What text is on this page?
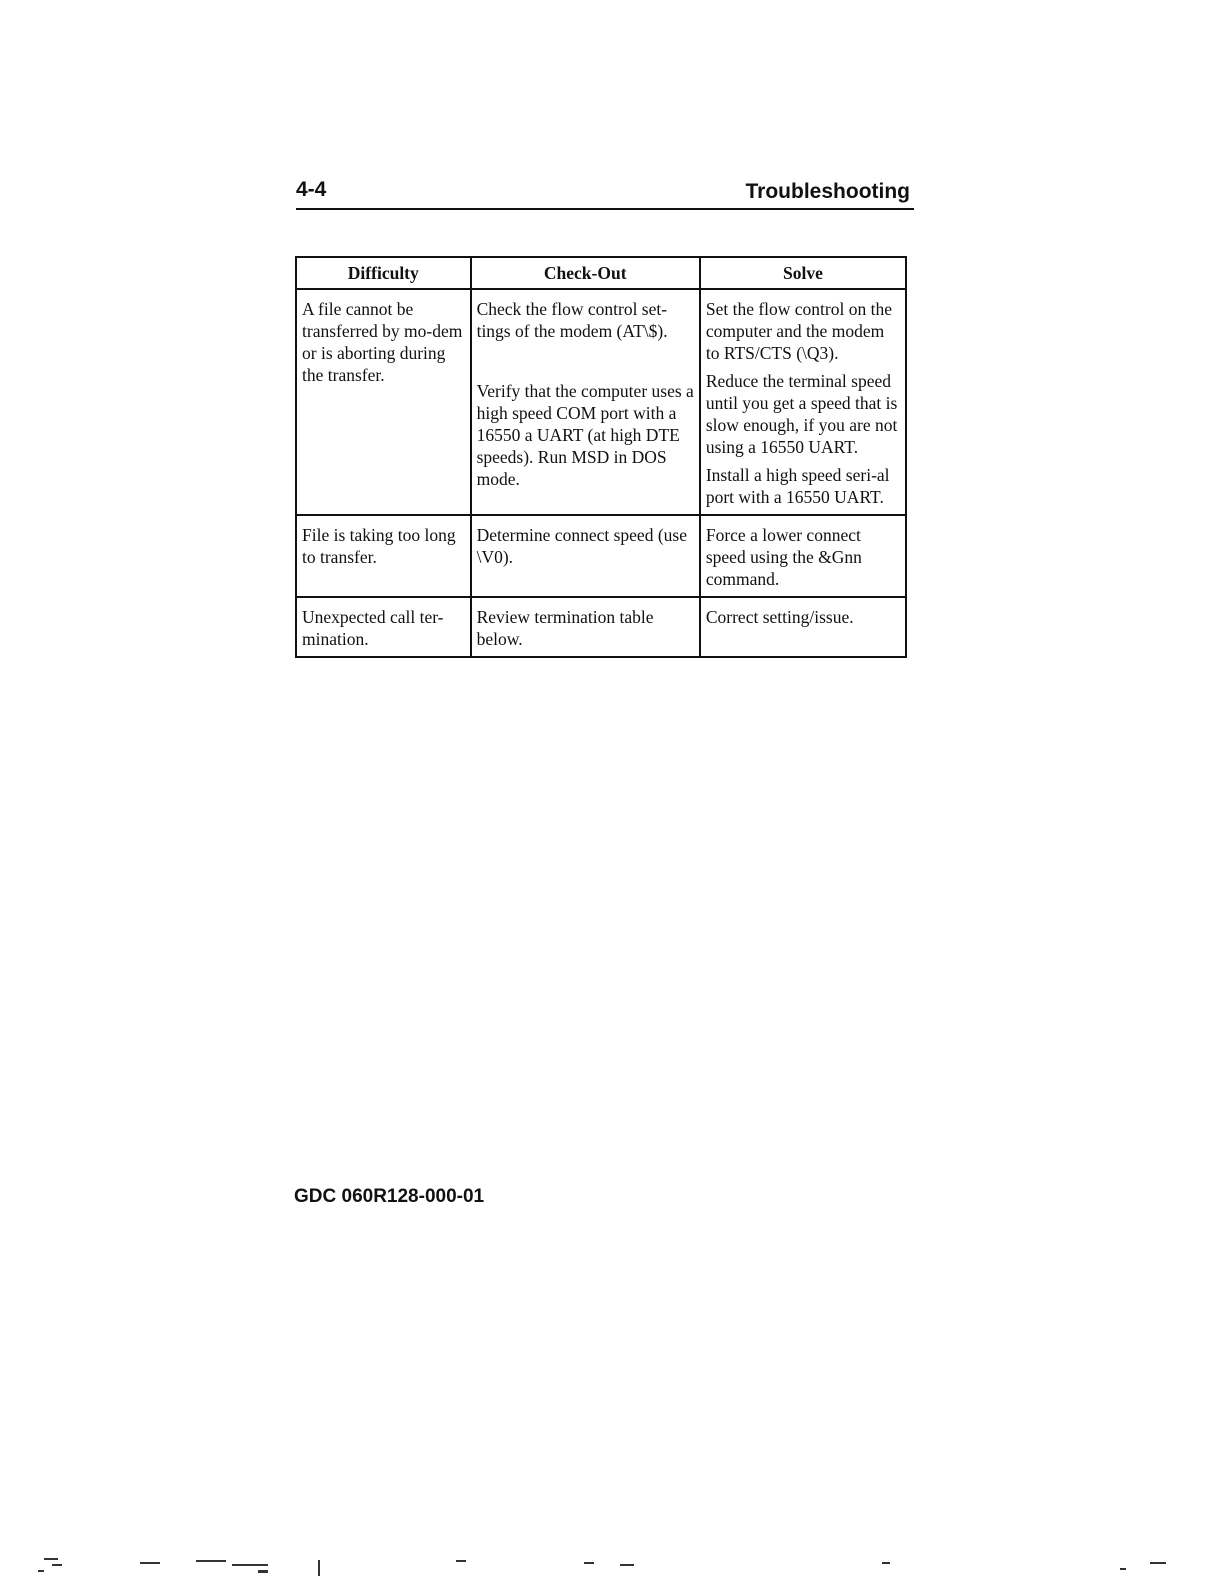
4-4	Troubleshooting
Difficulty	Check-Out	Solve
A file cannot be transferred by mo-dem or is aborting during the transfer.	Check the flow control set-tings of the modem (AT\$).	Set the flow control on the computer and the modem to RTS/CTS (\Q3).
	Verify that the computer uses a high speed COM port with a 16550 a UART (at high DTE speeds). Run MSD in DOS mode.	Reduce the terminal speed until you get a speed that is slow enough, if you are not using a 16550 UART.
		Install a high speed seri-al port with a 16550 UART.
File is taking too long to transfer.	Determine connect speed (use \V0).	Force a lower connect speed using the &Gnn command.
Unexpected call ter-mination.	Review termination table below.	Correct setting/issue.
GDC 060R128-000-01
